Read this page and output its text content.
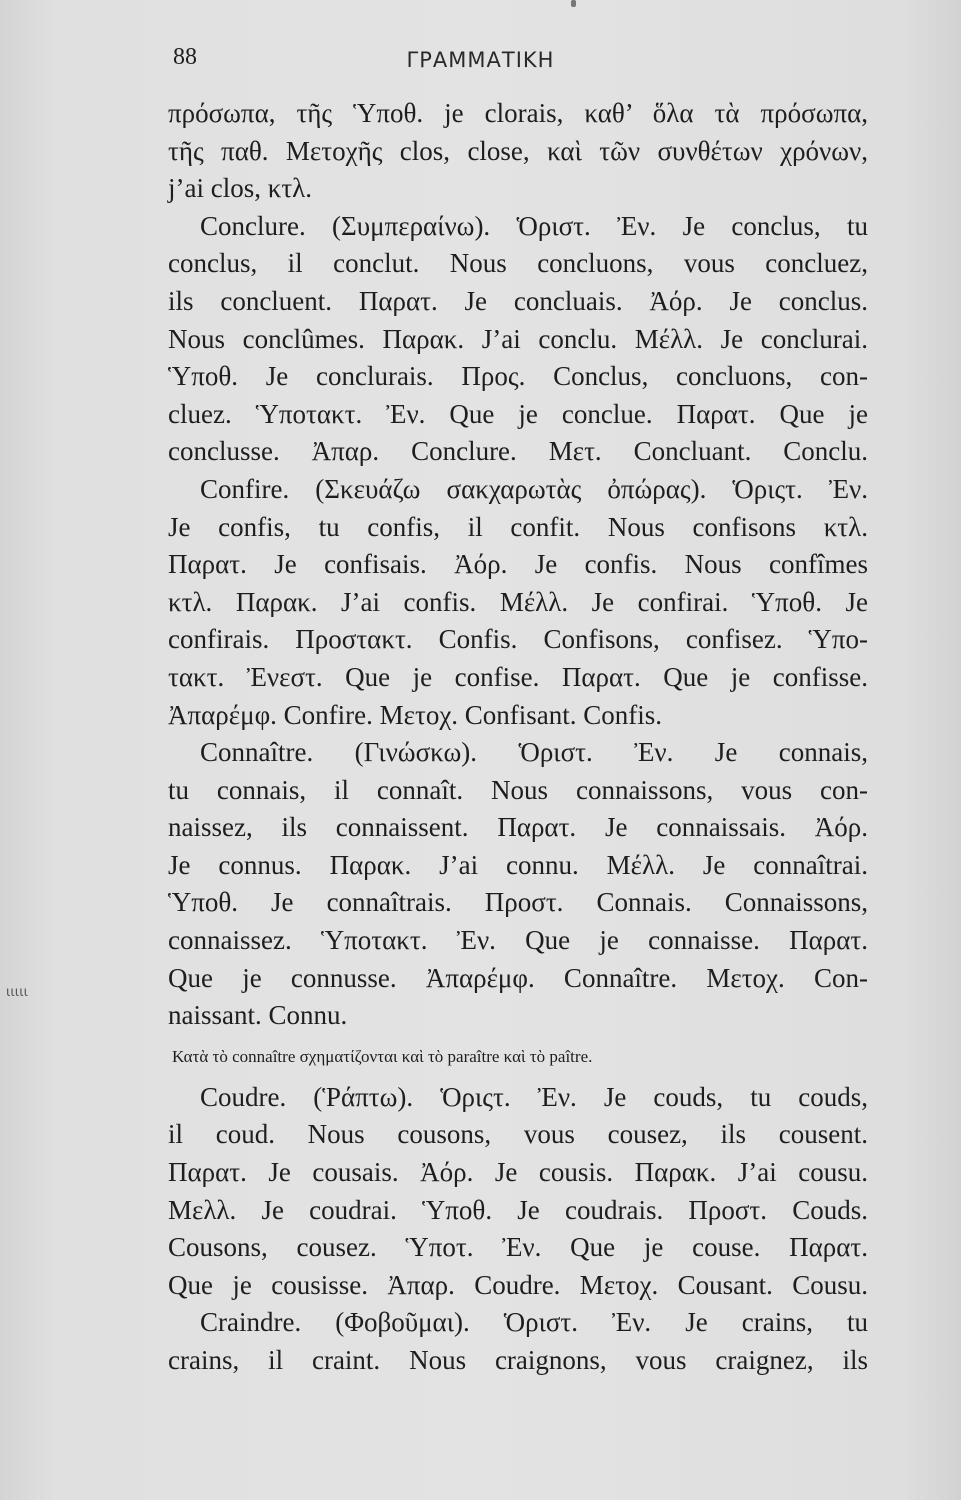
88	ΓΡΑΜΜΑΤΙΚΗ
ιιιιι
πρόσωπα, τῆς Ὑποθ. je clorais, καθ’ ὅλα τὰ πρόσωπα,
τῆς παθ. Μετοχῆς clos, close, καὶ τῶν συνθέτων χρόνων,
j’ai clos, κτλ.
Conclure. (Συμπεραίνω). Ὁριστ. Ἐν. Je conclus, tu
conclus, il conclut. Nous concluons, vous concluez,
ils concluent. Παρατ. Je concluais. Ἀόρ. Je conclus.
Nous conclûmes. Παρακ. J’ai conclu. Μέλλ. Je conclurai.
Ὑποθ. Je conclurais. Προς. Conclus, concluons, con-
cluez. Ὑποτακτ. Ἐν. Que je conclue. Παρατ. Que je
conclusse. Ἀπαρ. Conclure. Μετ. Concluant. Conclu.
Confire. (Σκευάζω σακχαρωτὰς ὀπώρας). Ὁριςτ. Ἐν.
Je confis, tu confis, il confit. Nous confisons κτλ.
Παρατ. Je confisais. Ἀόρ. Je confis. Nous confîmes
κτλ. Παρακ. J’ai confis. Μέλλ. Je confirai. Ὑποθ. Je
confirais. Προστακτ. Confis. Confisons, confisez. Ὑπο-
τακτ. Ἐνεστ. Que je confise. Παρατ. Que je confisse.
Ἀπαρέμφ. Confire. Μετοχ. Confisant. Confis.
Connaître. (Γινώσκω). Ὁριστ. Ἐν. Je connais,
tu connais, il connaît. Nous connaissons, vous con-
naissez, ils connaissent. Παρατ. Je connaissais. Ἀόρ.
Je connus. Παρακ. J’ai connu. Μέλλ. Je connaîtrai.
Ὑποθ. Je connaîtrais. Προστ. Connais. Connaissons,
connaissez. Ὑποτακτ. Ἐν. Que je connaisse. Παρατ.
Que je connusse. Ἀπαρέμφ. Connaître. Μετοχ. Con-
naissant. Connu.
Κατὰ τὸ connaître σχηματίζονται καὶ τὸ paraître καὶ τὸ paître.
Coudre. (Ῥάπτω). Ὁριςτ. Ἐν. Je couds, tu couds,
il coud. Nous cousons, vous cousez, ils cousent.
Παρατ. Je cousais. Ἀόρ. Je cousis. Παρακ. J’ai cousu.
Μελλ. Je coudrai. Ὑποθ. Je coudrais. Προστ. Couds.
Cousons, cousez. Ὑποτ. Ἐν. Que je couse. Παρατ.
Que je cousisse. Ἀπαρ. Coudre. Μετοχ. Cousant. Cousu.
Craindre. (Φοβοῦμαι). Ὁριστ. Ἐν. Je crains, tu
crains, il craint. Nous craignons, vous craignez, ils
